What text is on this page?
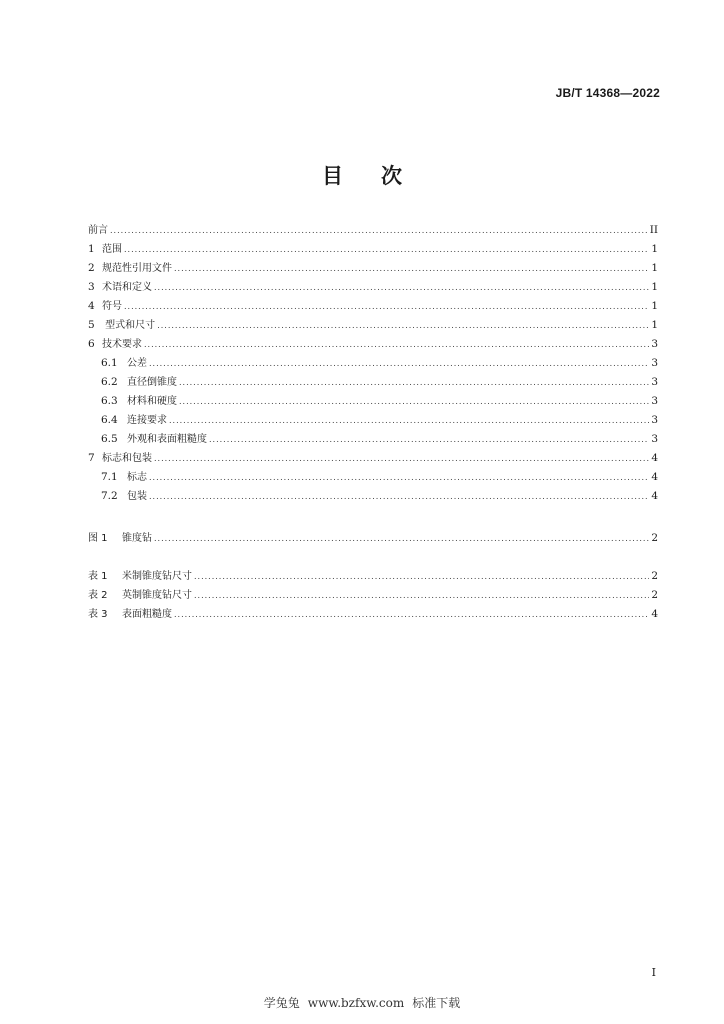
JB/T 14368—2022
目 次
前言 .....	II
1 范围 .....	1
2 规范性引用文件 .....	1
3 术语和定义 .....	1
4 符号 .....	1
5 型式和尺寸 .....	1
6 技术要求 .....	3
6.1 公差 .....	3
6.2 直径倒锥度 .....	3
6.3 材料和硬度 .....	3
6.4 连接要求 .....	3
6.5 外观和表面粗糙度 .....	3
7 标志和包装 .....	4
7.1 标志 .....	4
7.2 包装 .....	4
图 1	锥度钻 .....	2
表 1	米制锥度钻尺寸 .....	2
表 2	英制锥度钻尺寸 .....	2
表 3	表面粗糙度 .....	4
I
学兔兔 www.bzfxw.com 标准下载
